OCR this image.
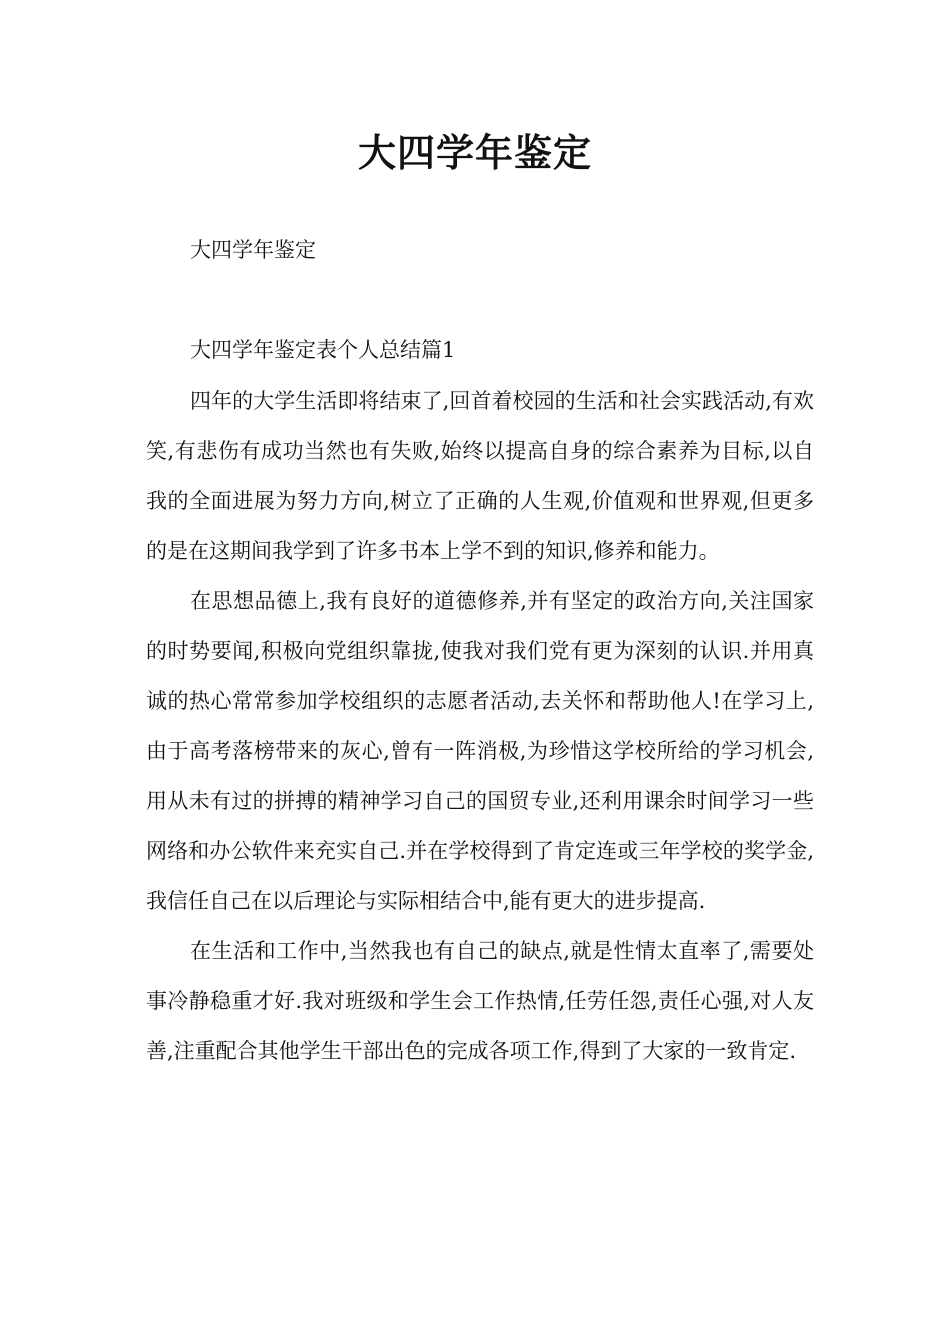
大四学年鉴定

大四学年鉴定

大四学年鉴定表个人总结篇1

四年的大学生活即将结束了,回首着校园的生活和社会实践活动,有欢笑,有悲伤有成功当然也有失败,始终以提高自身的综合素养为目标,以自我的全面进展为努力方向,树立了正确的人生观,价值观和世界观,但更多的是在这期间我学到了许多书本上学不到的知识,修养和能力。

在思想品德上,我有良好的道德修养,并有坚定的政治方向,关注国家的时势要闻,积极向党组织靠拢,使我对我们党有更为深刻的认识.并用真诚的热心常常参加学校组织的志愿者活动,去关怀和帮助他人!在学习上,由于高考落榜带来的灰心,曾有一阵消极,为珍惜这学校所给的学习机会,用从未有过的拼搏的精神学习自己的国贸专业,还利用课余时间学习一些网络和办公软件来充实自己.并在学校得到了肯定连或三年学校的奖学金,我信任自己在以后理论与实际相结合中,能有更大的进步提高.

在生活和工作中,当然我也有自己的缺点,就是性情太直率了,需要处事冷静稳重才好.我对班级和学生会工作热情,任劳任怨,责任心强,对人友善,注重配合其他学生干部出色的完成各项工作,得到了大家的一致肯定.
